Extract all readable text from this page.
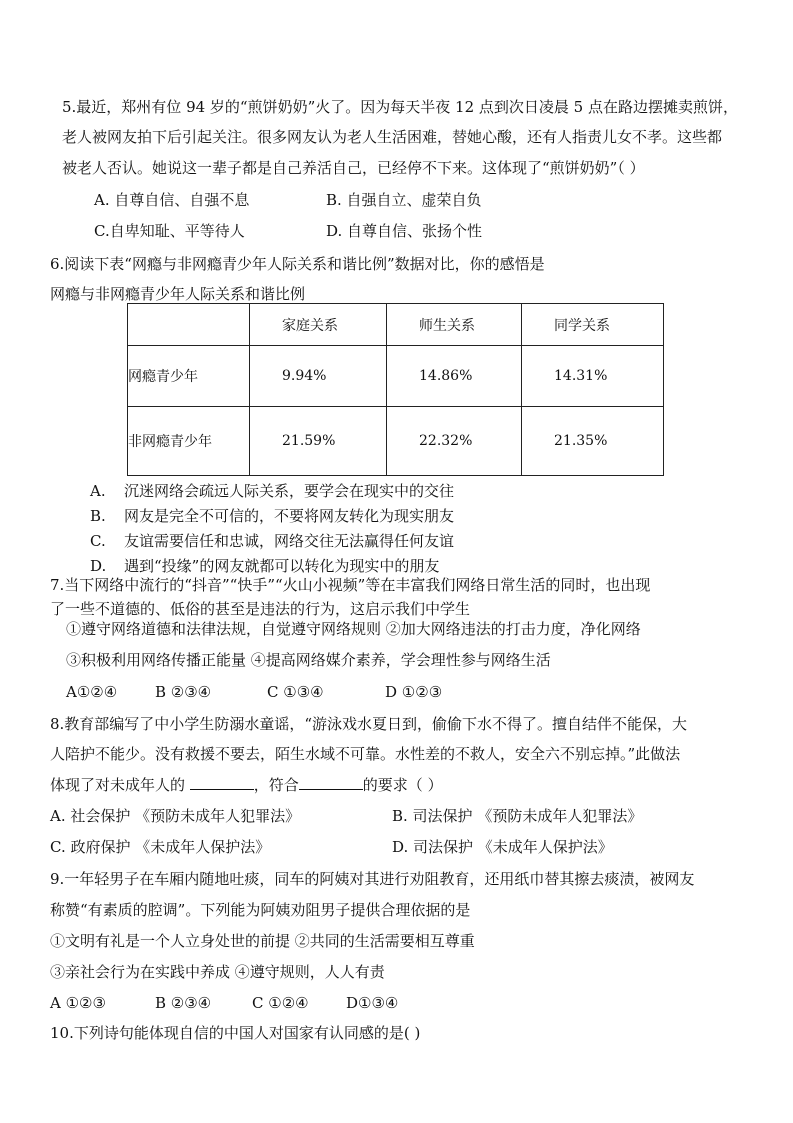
5.最近，郑州有位 94 岁的“煎饼奶奶”火了。因为每天半夜 12 点到次日凌晨 5 点在路边摆摊卖煎饼，
老人被网友拍下后引起关注。很多网友认为老人生活困难，替她心酸，还有人指责儿女不孝。这些都
被老人否认。她说这一辈子都是自己养活自己，已经停不下来。这体现了“煎饼奶奶”（ ）
A. 自尊自信、自强不息	B. 自强自立、虚荣自负
C.自卑知耻、平等待人	D. 自尊自信、张扬个性
6.阅读下表“网瘾与非网瘾青少年人际关系和谐比例”数据对比，你的感悟是
网瘾与非网瘾青少年人际关系和谐比例
	家庭关系	师生关系	同学关系
网瘾青少年	9.94%	14.86%	14.31%
非网瘾青少年	21.59%	22.32%	21.35%
A. 沉迷网络会疏远人际关系，要学会在现实中的交往
B. 网友是完全不可信的，不要将网友转化为现实朋友
C. 友谊需要信任和忠诚，网络交往无法赢得任何友谊
D. 遇到“投缘”的网友就都可以转化为现实中的朋友
7.当下网络中流行的“抖音”“快手”“火山小视频”等在丰富我们网络日常生活的同时，也出现
了一些不道德的、低俗的甚至是违法的行为，这启示我们中学生
①遵守网络道德和法律法规，自觉遵守网络规则 ②加大网络违法的打击力度，净化网络
③积极利用网络传播正能量 ④提高网络媒介素养，学会理性参与网络生活
A①②④	B ②③④	C ①③④	D ①②③
8.教育部编写了中小学生防溺水童谣，“游泳戏水夏日到，偷偷下水不得了。擅自结伴不能保，大
人陪护不能少。没有救援不要去，陌生水域不可靠。水性差的不救人，安全六不别忘掉。”此做法
体现了对未成年人的	，符合	的要求（ ）
A. 社会保护 《预防未成年人犯罪法》	B. 司法保护 《预防未成年人犯罪法》
C. 政府保护 《未成年人保护法》	D. 司法保护 《未成年人保护法》
9.一年轻男子在车厢内随地吐痰，同车的阿姨对其进行劝阻教育，还用纸巾替其擦去痰渍，被网友
称赞“有素质的腔调”。下列能为阿姨劝阻男子提供合理依据的是
①文明有礼是一个人立身处世的前提 ②共同的生活需要相互尊重
③亲社会行为在实践中养成 ④遵守规则，人人有责
A ①②③	B ②③④	C ①②④ D①③④
10.下列诗句能体现自信的中国人对国家有认同感的是( )
